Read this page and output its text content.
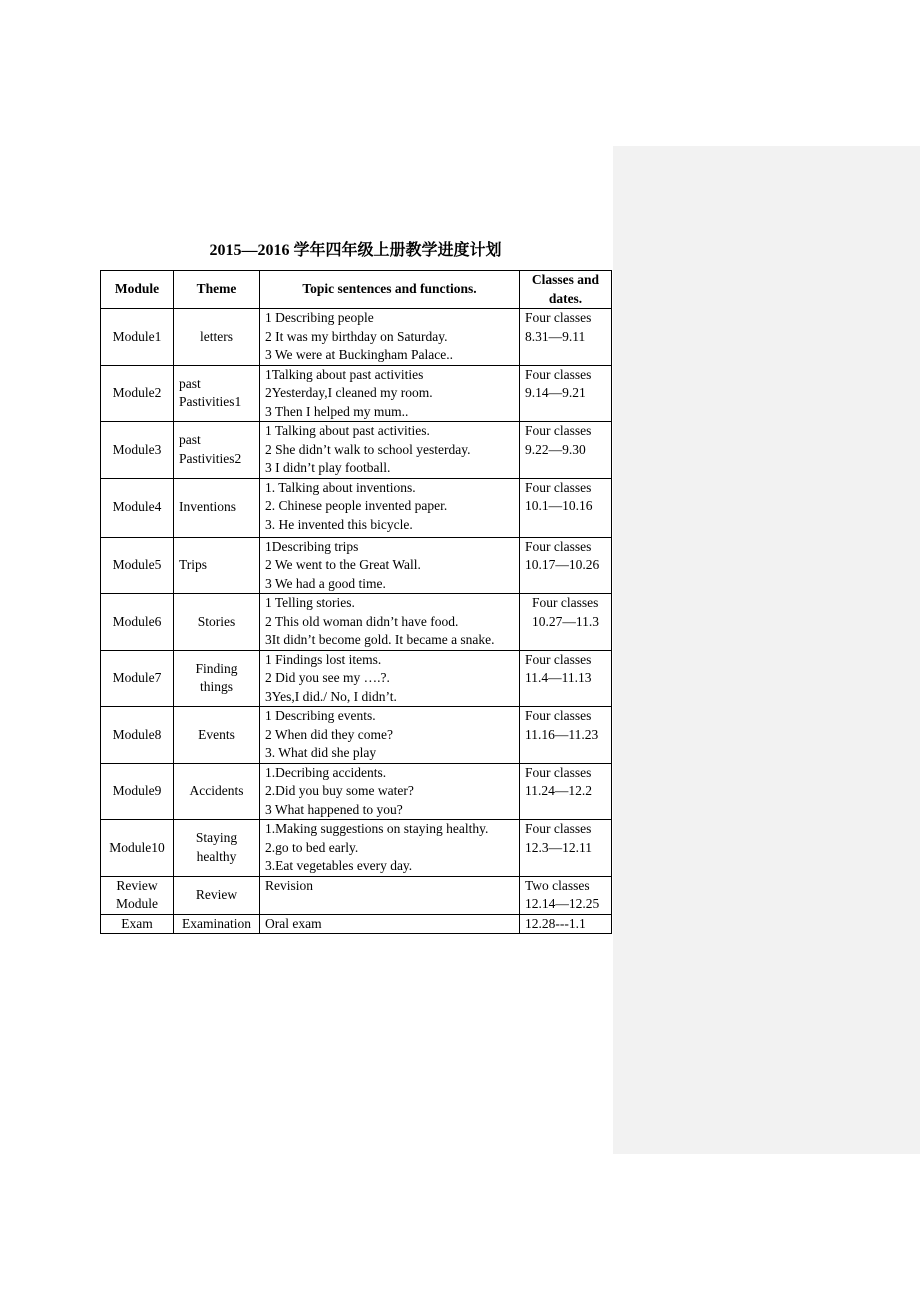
2015—2016 学年四年级上册教学进度计划
Module	Theme	Topic sentences and functions.	Classes and dates.
Module1	letters	1 Describing people
2 It was my birthday on Saturday.
3 We were at Buckingham Palace..	Four classes
8.31—9.11

Module2	past Pastivities1	1Talking about past activities
2Yesterday,I cleaned my room.
3 Then I helped my mum..	Four classes
9.14—9.21

Module3	past Pastivities2	1 Talking about past activities.
2 She didn’t walk to school yesterday.
3 I didn’t play football.	Four classes
9.22—9.30

Module4	Inventions	1. Talking about inventions.
2. Chinese people invented paper.
3. He invented this bicycle.	Four classes
10.1—10.16

Module5	Trips	1Describing trips
2 We went to the Great Wall.
3 We had a good time.	Four classes
10.17—10.26

Module6	Stories	1 Telling stories.
2 This old woman didn’t have food.
3It didn’t become gold. It became a snake.	Four classes
10.27—11.3

Module7	Finding things	1 Findings lost items.
2 Did you see my ….?.
3Yes,I did./ No, I didn’t.	Four classes
11.4—11.13

Module8	Events	1 Describing events.
2 When did they come?
3. What did she play	Four classes
11.16—11.23

Module9	Accidents	1.Decribing accidents.
2.Did you buy some water?
3 What happened to you?	Four classes
11.24—12.2

Module10	Staying healthy	1.Making suggestions on staying healthy.
2.go to bed early.
3.Eat vegetables every day.	Four classes
12.3—12.11

Review Module	Review	Revision	Two classes
12.14—12.25

Exam	Examination	Oral exam	12.28---1.1
